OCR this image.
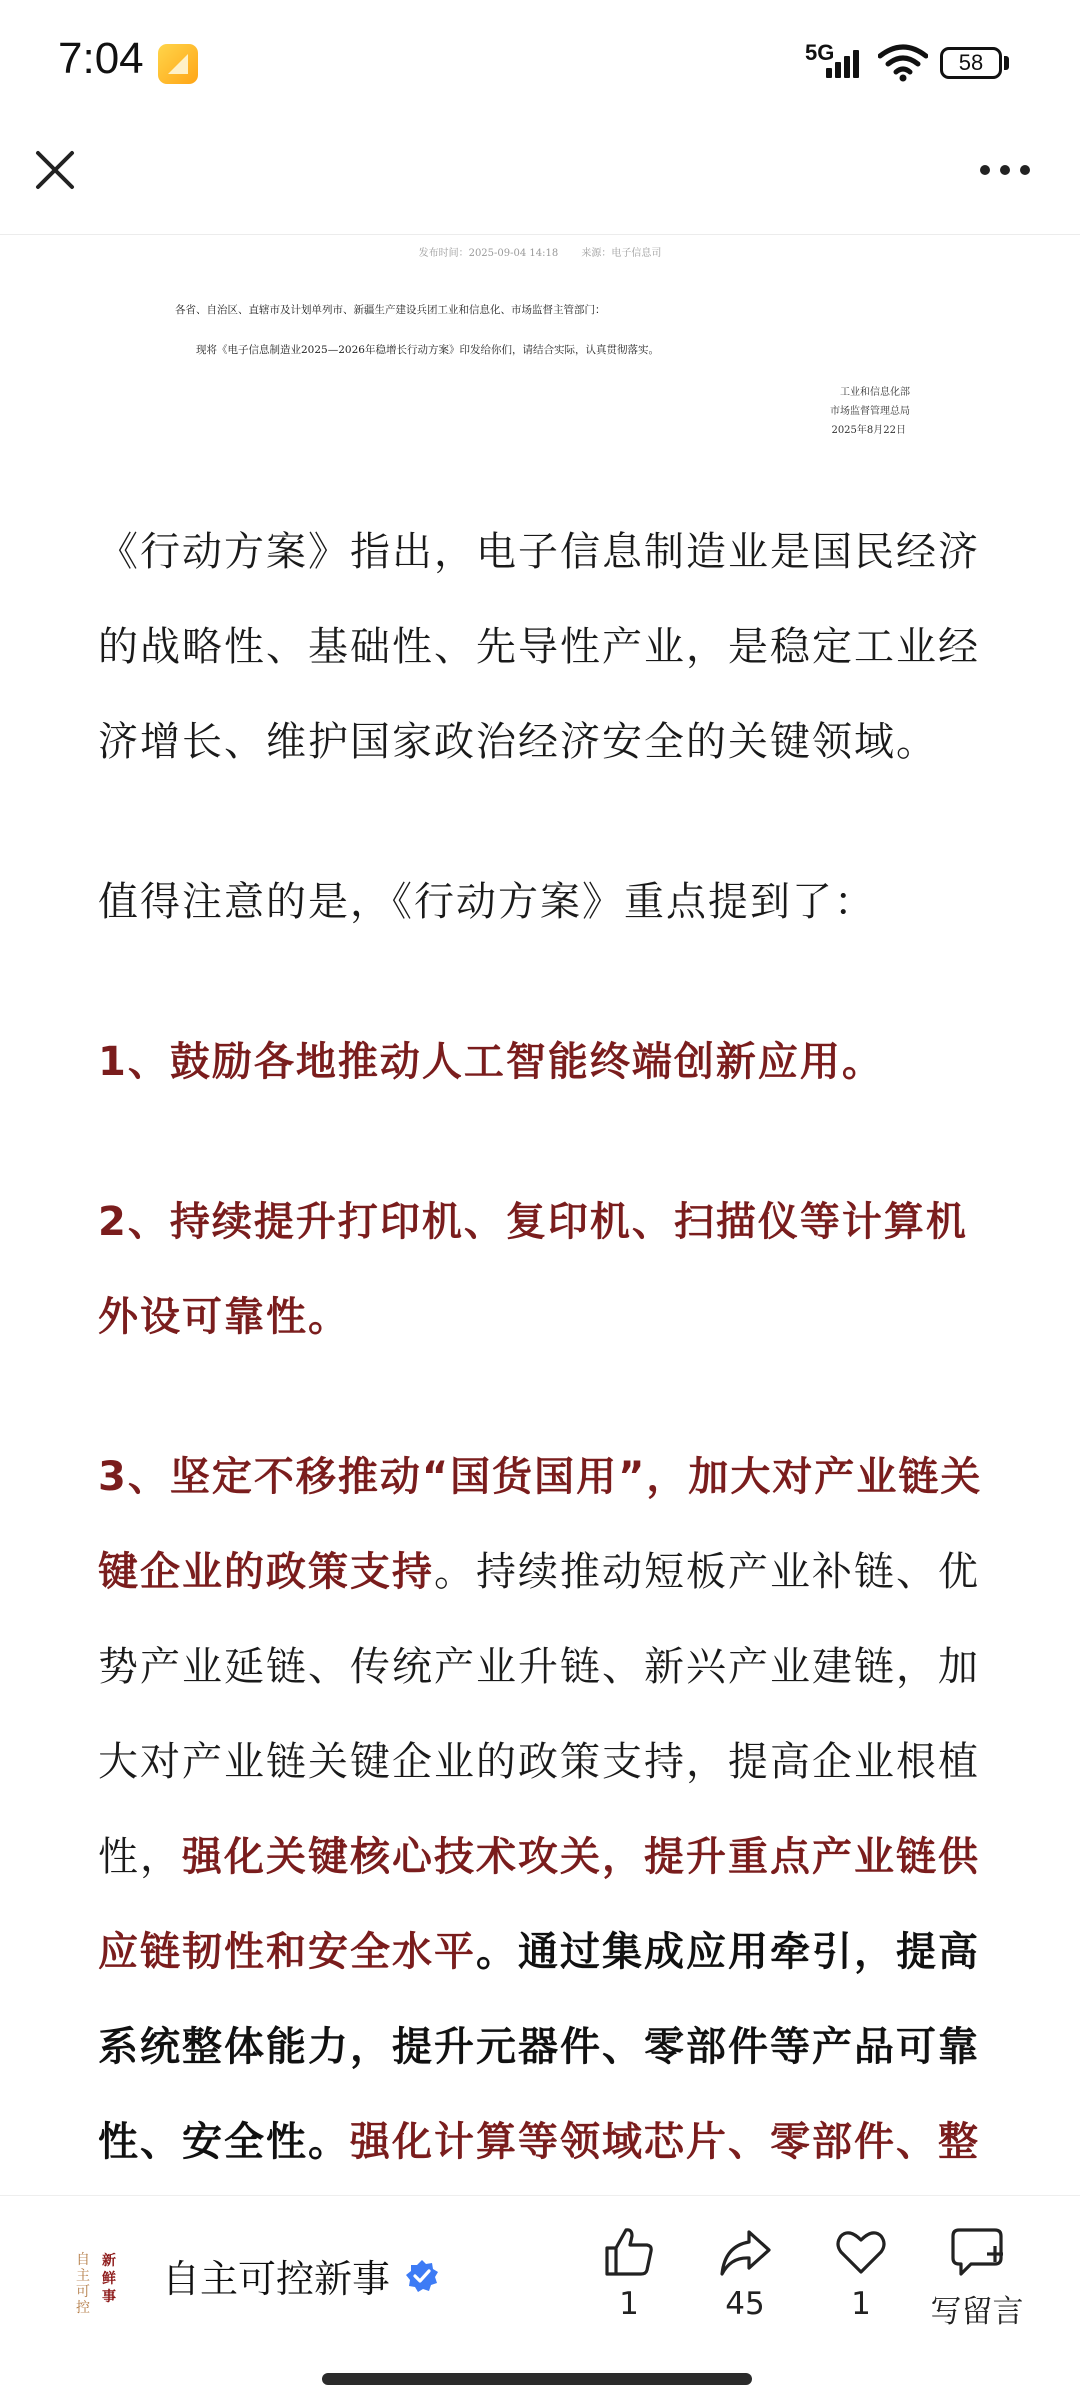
7:04	5G	58
发布时间：2025-09-04 14:18 来源：电子信息司
各省、自治区、直辖市及计划单列市、新疆生产建设兵团工业和信息化、市场监督主管部门：
现将《电子信息制造业2025—2026年稳增长行动方案》印发给你们，请结合实际，认真贯彻落实。
工业和信息化部
市场监督管理总局
2025年8月22日

《行动方案》指出，电子信息制造业是国民经济的战略性、基础性、先导性产业，是稳定工业经济增长、维护国家政治经济安全的关键领域。

值得注意的是，《行动方案》重点提到了：

1、鼓励各地推动人工智能终端创新应用。

2、持续提升打印机、复印机、扫描仪等计算机外设可靠性。

3、坚定不移推动“国货国用”，加大对产业链关键企业的政策支持。持续推动短板产业补链、优势产业延链、传统产业升链、新兴产业建链，加大对产业链关键企业的政策支持，提高企业根植性，强化关键核心技术攻关，提升重点产业链供应链韧性和安全水平。通过集成应用牵引，提高系统整体能力，提升元器件、零部件等产品可靠性、安全性。强化计算等领域芯片、零部件、整

自主可控
新鲜事 自主可控新事
1	45	1	写留言
